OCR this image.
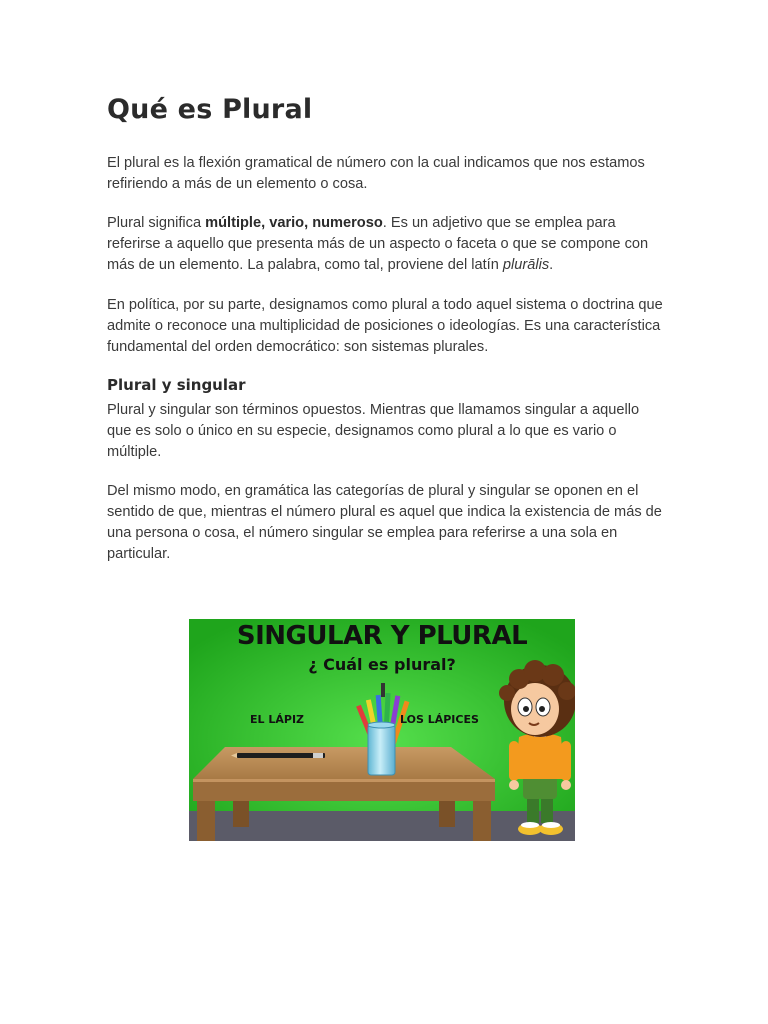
Qué es Plural

El plural es la flexión gramatical de número con la cual indicamos que nos estamos refiriendo a más de un elemento o cosa.

Plural significa múltiple, vario, numeroso. Es un adjetivo que se emplea para referirse a aquello que presenta más de un aspecto o faceta o que se compone con más de un elemento. La palabra, como tal, proviene del latín plurālis.

En política, por su parte, designamos como plural a todo aquel sistema o doctrina que admite o reconoce una multiplicidad de posiciones o ideologías. Es una característica fundamental del orden democrático: son sistemas plurales.

Plural y singular

Plural y singular son términos opuestos. Mientras que llamamos singular a aquello que es solo o único en su especie, designamos como plural a lo que es vario o múltiple.

Del mismo modo, en gramática las categorías de plural y singular se oponen en el sentido de que, mientras el número plural es aquel que indica la existencia de más de una persona o cosa, el número singular se emplea para referirse a una sola en particular.

SINGULAR Y PLURAL
¿ Cuál es plural?
EL LÁPIZ	LOS LÁPICES
